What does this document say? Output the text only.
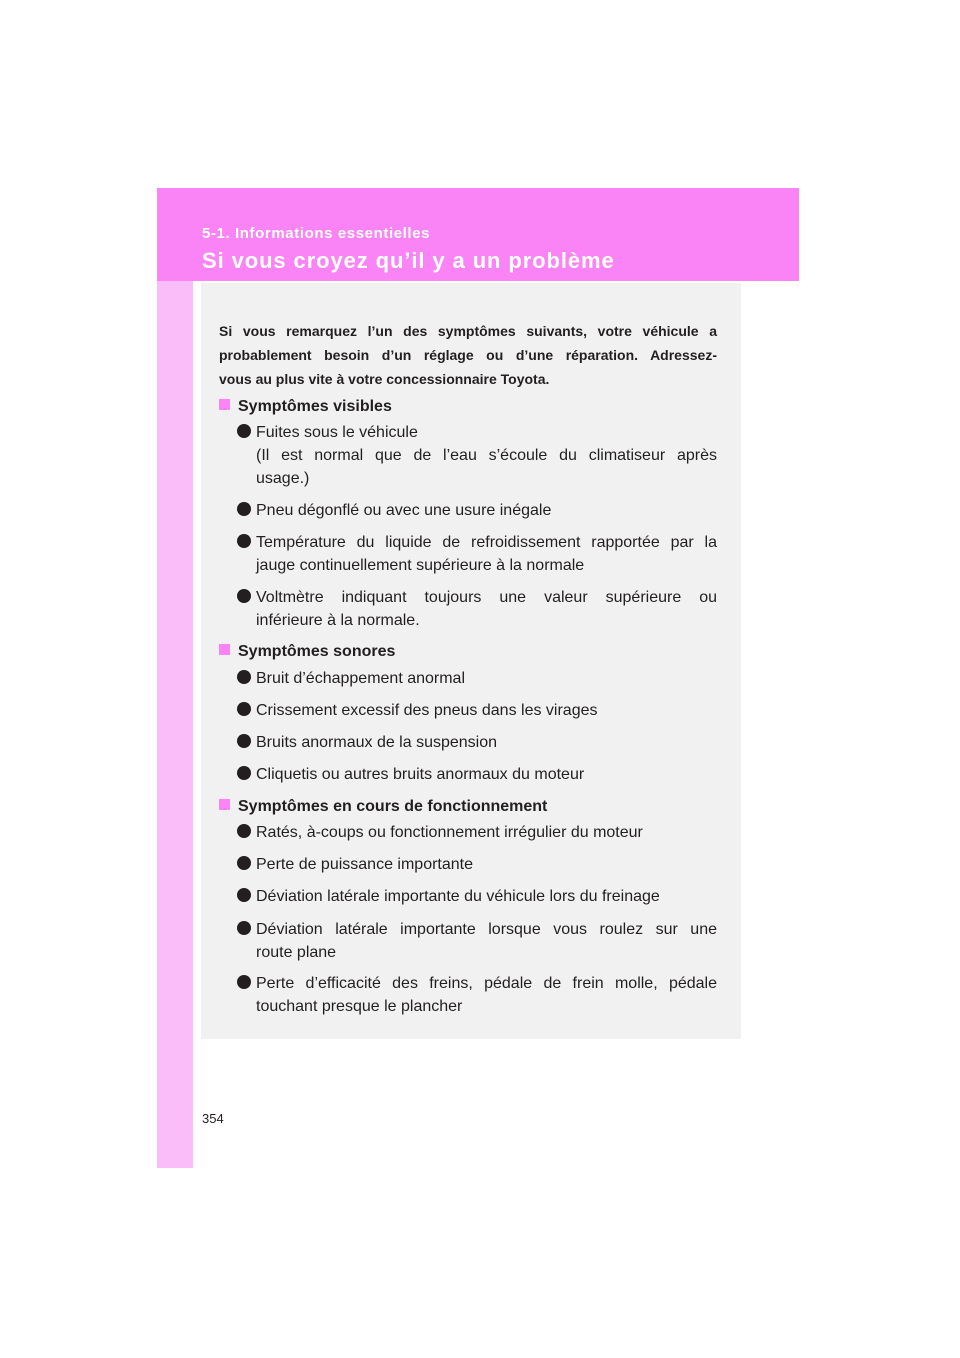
5-1. Informations essentielles
Si vous croyez qu’il y a un problème
Si vous remarquez l’un des symptômes suivants, votre véhicule a
probablement besoin d’un réglage ou d’une réparation. Adressez-
vous au plus vite à votre concessionnaire Toyota.
Symptômes visibles
Fuites sous le véhicule
(Il est normal que de l’eau s’écoule du climatiseur après
usage.)
Pneu dégonflé ou avec une usure inégale
Température du liquide de refroidissement rapportée par la
jauge continuellement supérieure à la normale
Voltmètre indiquant toujours une valeur supérieure ou
inférieure à la normale.
Symptômes sonores
Bruit d’échappement anormal
Crissement excessif des pneus dans les virages
Bruits anormaux de la suspension
Cliquetis ou autres bruits anormaux du moteur
Symptômes en cours de fonctionnement
Ratés, à-coups ou fonctionnement irrégulier du moteur
Perte de puissance importante
Déviation latérale importante du véhicule lors du freinage
Déviation latérale importante lorsque vous roulez sur une
route plane
Perte d’efficacité des freins, pédale de frein molle, pédale
touchant presque le plancher
354
